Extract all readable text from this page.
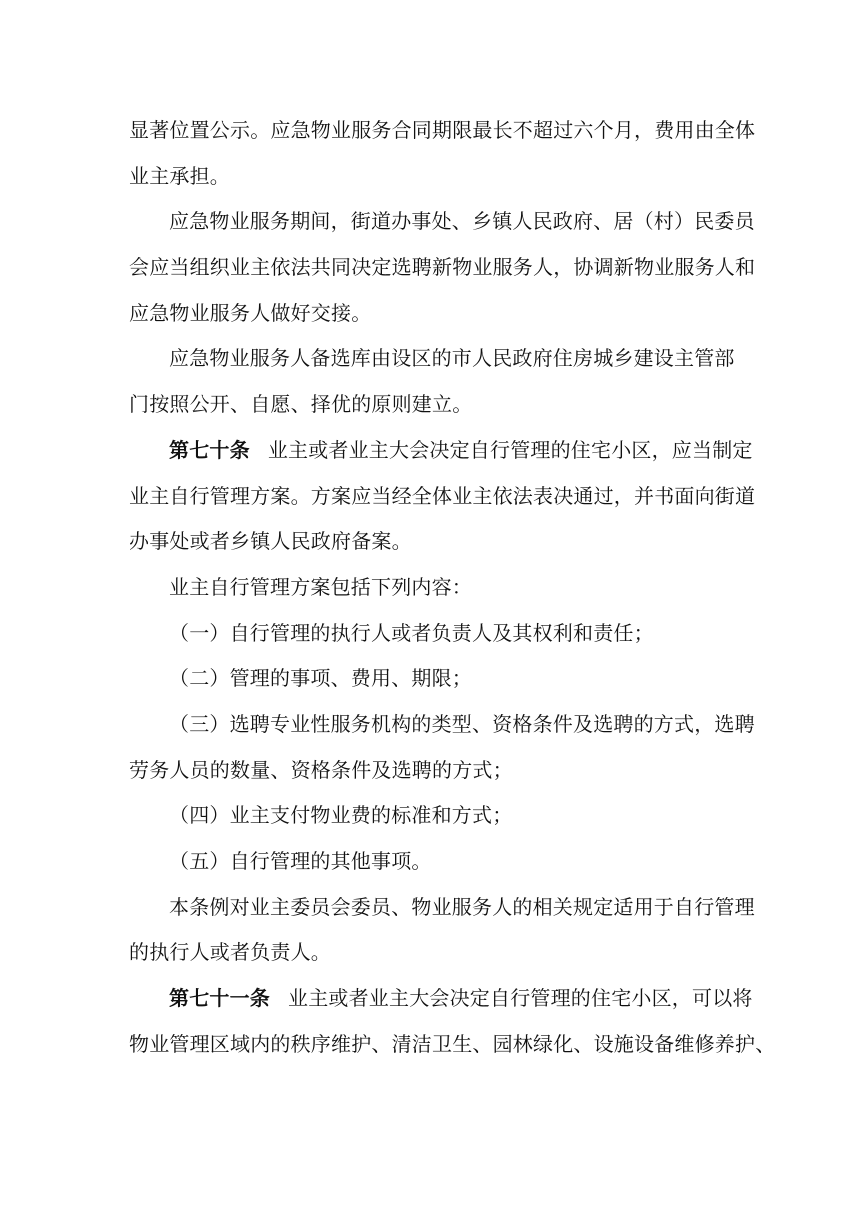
显著位置公示。应急物业服务合同期限最长不超过六个月，费用由全体
业主承担。
应急物业服务期间，街道办事处、乡镇人民政府、居（村）民委员
会应当组织业主依法共同决定选聘新物业服务人，协调新物业服务人和
应急物业服务人做好交接。
应急物业服务人备选库由设区的市人民政府住房城乡建设主管部
门按照公开、自愿、择优的原则建立。
第七十条 业主或者业主大会决定自行管理的住宅小区，应当制定
业主自行管理方案。方案应当经全体业主依法表决通过，并书面向街道
办事处或者乡镇人民政府备案。
业主自行管理方案包括下列内容：
（一）自行管理的执行人或者负责人及其权利和责任；
（二）管理的事项、费用、期限；
（三）选聘专业性服务机构的类型、资格条件及选聘的方式，选聘
劳务人员的数量、资格条件及选聘的方式；
（四）业主支付物业费的标准和方式；
（五）自行管理的其他事项。
本条例对业主委员会委员、物业服务人的相关规定适用于自行管理
的执行人或者负责人。
第七十一条 业主或者业主大会决定自行管理的住宅小区，可以将
物业管理区域内的秩序维护、清洁卫生、园林绿化、设施设备维修养护、
